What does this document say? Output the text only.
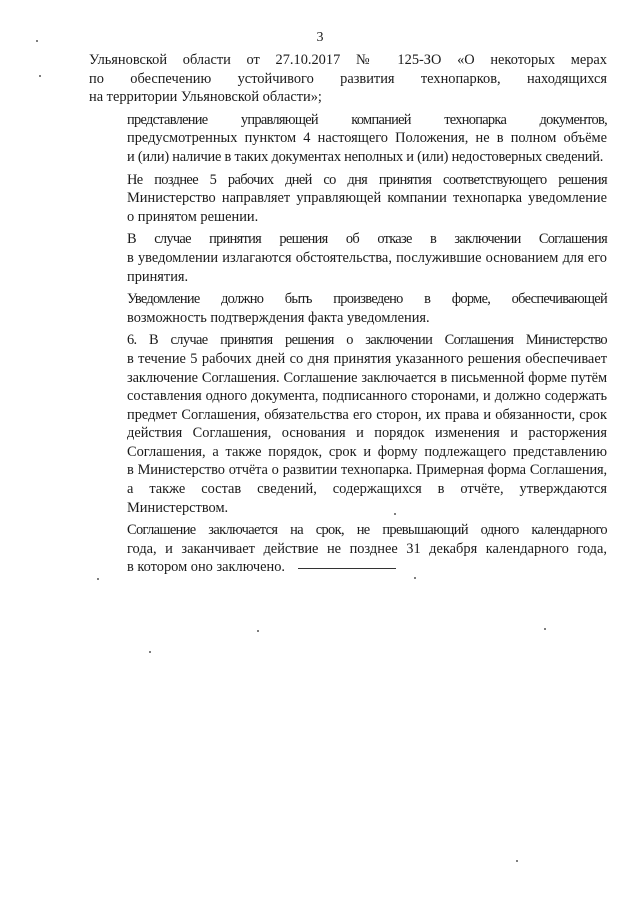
3

Ульяновской области от 27.10.2017 № 125-ЗО «О некоторых мерах
по обеспечению устойчивого развития технопарков, находящихся
на территории Ульяновской области»;

представление управляющей компанией технопарка документов,
предусмотренных пунктом 4 настоящего Положения, не в полном объёме
и (или) наличие в таких документах неполных и (или) недостоверных сведений.

Не позднее 5 рабочих дней со дня принятия соответствующего решения
Министерство направляет управляющей компании технопарка уведомление
о принятом решении.

В случае принятия решения об отказе в заключении Соглашения
в уведомлении излагаются обстоятельства, послужившие основанием для его
принятия.

Уведомление должно быть произведено в форме, обеспечивающей
возможность подтверждения факта уведомления.

6. В случае принятия решения о заключении Соглашения Министерство
в течение 5 рабочих дней со дня принятия указанного решения обеспечивает
заключение Соглашения. Соглашение заключается в письменной форме путём
составления одного документа, подписанного сторонами, и должно содержать
предмет Соглашения, обязательства его сторон, их права и обязанности, срок
действия Соглашения, основания и порядок изменения и расторжения
Соглашения, а также порядок, срок и форму подлежащего представлению
в Министерство отчёта о развитии технопарка. Примерная форма Соглашения,
а также состав сведений, содержащихся в отчёте, утверждаются
Министерством.

Соглашение заключается на срок, не превышающий одного календарного
года, и заканчивает действие не позднее 31 декабря календарного года,
в котором оно заключено.
